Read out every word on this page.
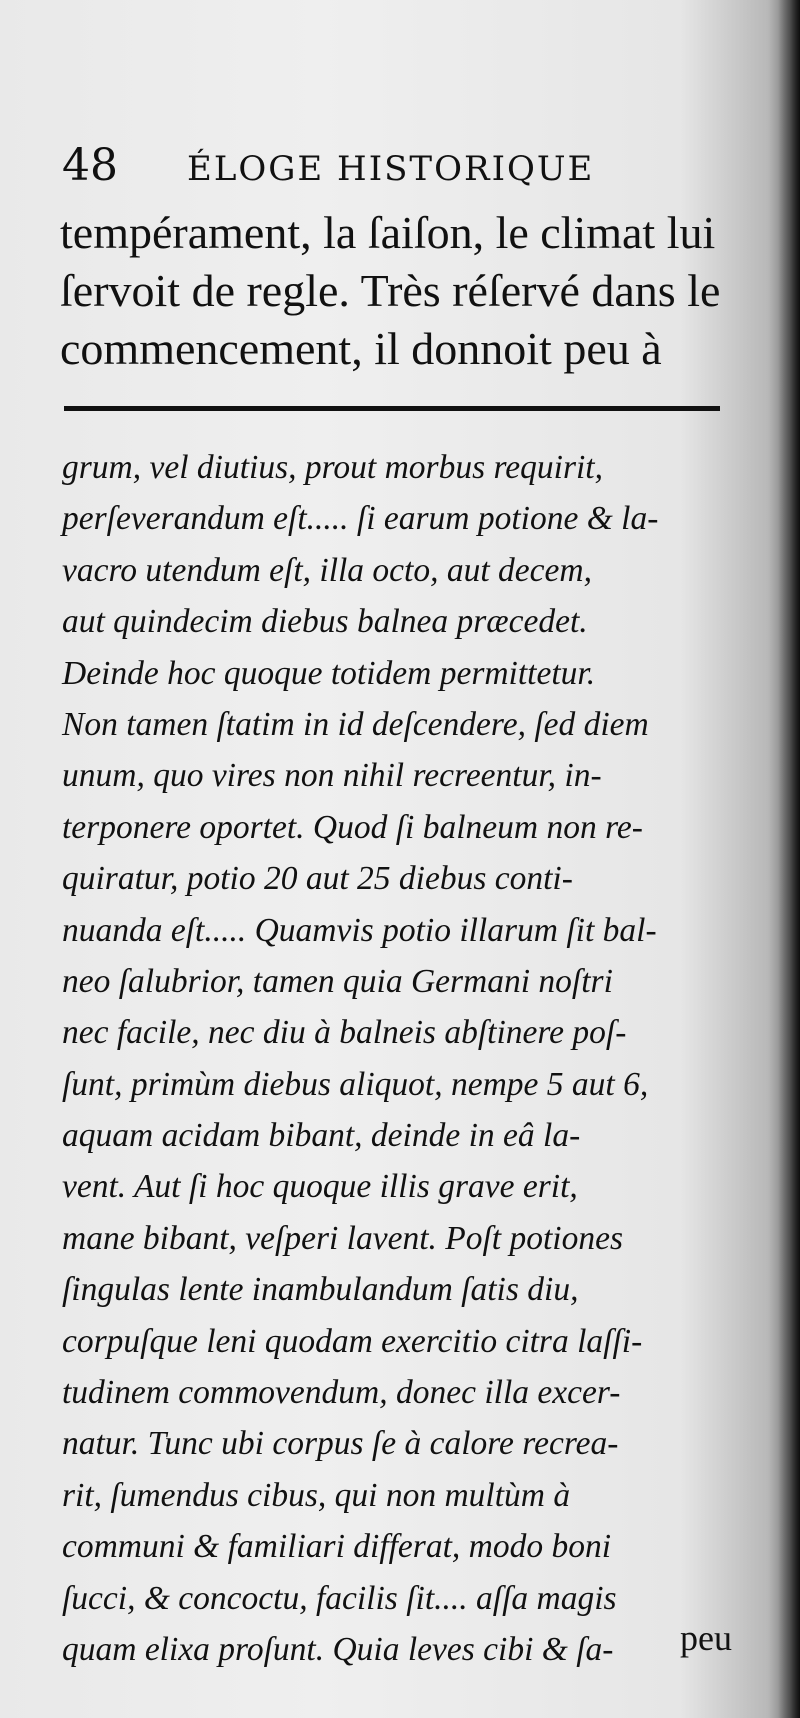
48 ÉLOGE HISTORIQUE
tempérament, la ſaiſon, le climat lui
ſervoit de regle. Très réſervé dans le
commencement, il donnoit peu à
grum, vel diutius, prout morbus requirit,
perſeverandum eſt..... ſi earum potione & la-
vacro utendum eſt, illa octo, aut decem,
aut quindecim diebus balnea præcedet.
Deinde hoc quoque totidem permittetur.
Non tamen ſtatim in id deſcendere, ſed diem
unum, quo vires non nihil recreentur, in-
terponere oportet. Quod ſi balneum non re-
quiratur, potio 20 aut 25 diebus conti-
nuanda eſt..... Quamvis potio illarum ſit bal-
neo ſalubrior, tamen quia Germani noſtri
nec facile, nec diu à balneis abſtinere poſ-
ſunt, primùm diebus aliquot, nempe 5 aut 6,
aquam acidam bibant, deinde in eâ la-
vent. Aut ſi hoc quoque illis grave erit,
mane bibant, veſperi lavent. Poſt potiones
ſingulas lente inambulandum ſatis diu,
corpuſque leni quodam exercitio citra laſſi-
tudinem commovendum, donec illa excer-
natur. Tunc ubi corpus ſe à calore recrea-
rit, ſumendus cibus, qui non multùm à
communi & familiari differat, modo boni
ſucci, & concoctu, facilis ſit.... aſſa magis
quam elixa proſunt. Quia leves cibi & ſa-	peu
